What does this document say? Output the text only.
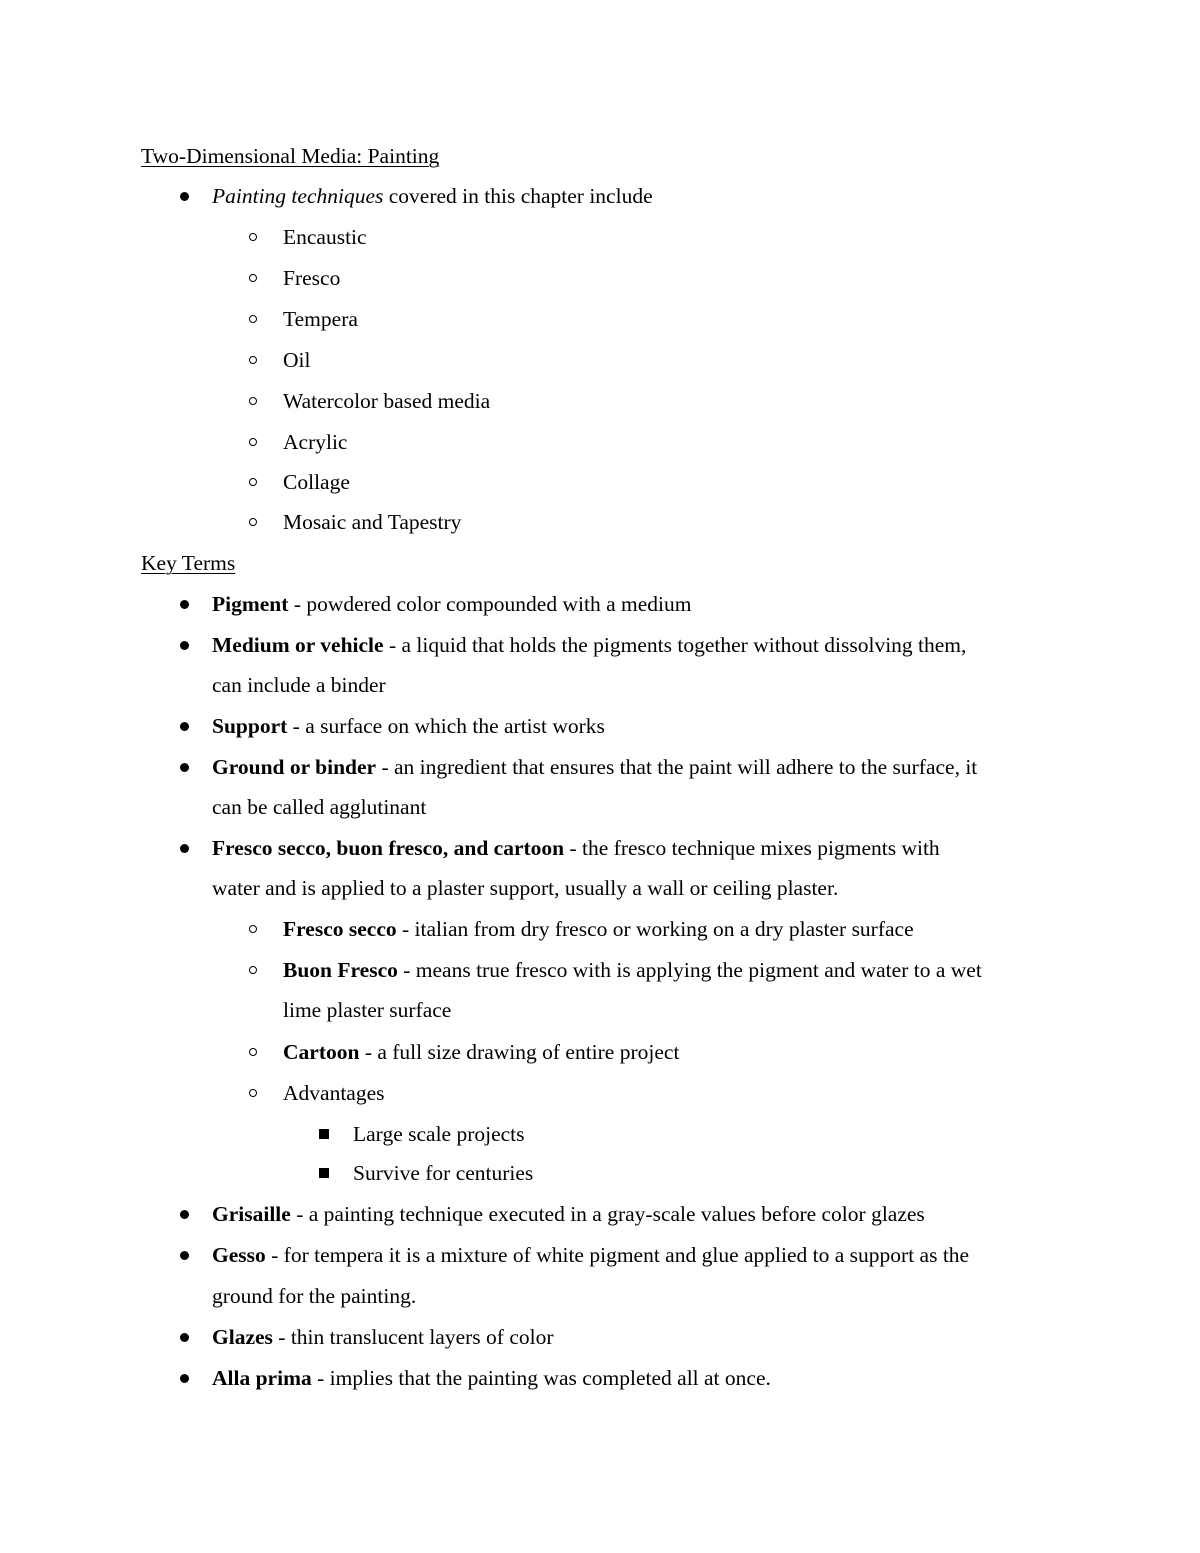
Two-Dimensional Media: Painting
Painting techniques covered in this chapter include
Encaustic
Fresco
Tempera
Oil
Watercolor based media
Acrylic
Collage
Mosaic and Tapestry
Key Terms
Pigment - powdered color compounded with a medium
Medium or vehicle - a liquid that holds the pigments together without dissolving them,
can include a binder
Support - a surface on which the artist works
Ground or binder - an ingredient that ensures that the paint will adhere to the surface, it
can be called agglutinant
Fresco secco, buon fresco, and cartoon - the fresco technique mixes pigments with
water and is applied to a plaster support, usually a wall or ceiling plaster.
Fresco secco - italian from dry fresco or working on a dry plaster surface
Buon Fresco - means true fresco with is applying the pigment and water to a wet
lime plaster surface
Cartoon - a full size drawing of entire project
Advantages
Large scale projects
Survive for centuries
Grisaille - a painting technique executed in a gray-scale values before color glazes
Gesso - for tempera it is a mixture of white pigment and glue applied to a support as the
ground for the painting.
Glazes - thin translucent layers of color
Alla prima - implies that the painting was completed all at once.
